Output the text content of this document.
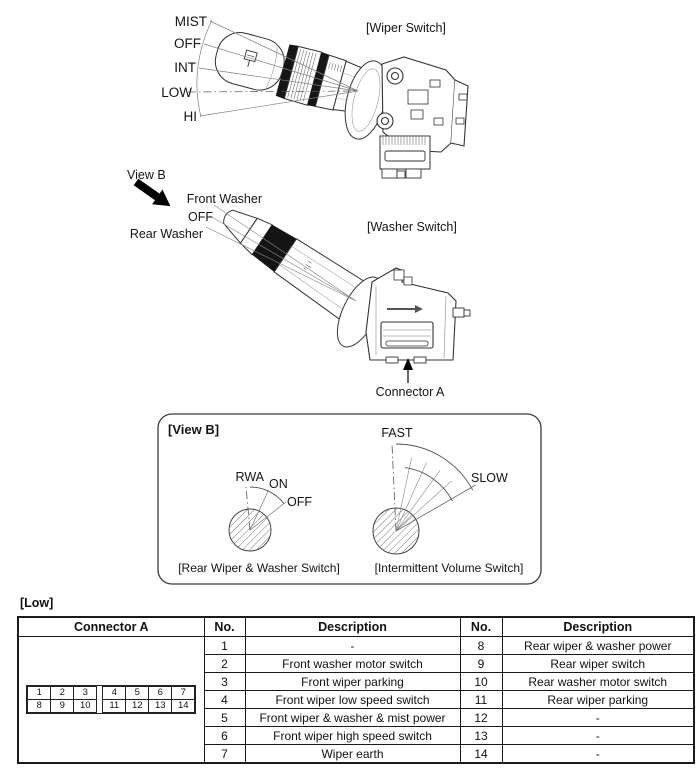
MIST
OFF
INT
LOW
HI
[Wiper Switch]
View B
Front Washer
OFF
Rear Washer	[Washer Switch]
Connector A
[View B]
RWA ON
OFF
[Rear Wiper & Washer Switch]
FAST
SLOW
[Intermittent Volume Switch]
[Low]
Connector A	No.	Description	No.	Description

1	2	3
8	9	10
4	5	6	7
11	12	13	14
	1	-	8	Rear wiper & washer power
2	Front washer motor switch	9	Rear wiper switch
3	Front wiper parking	10	Rear washer motor switch
4	Front wiper low speed switch	11	Rear wiper parking
5	Front wiper & washer & mist power	12	-
6	Front wiper high speed switch	13	-
7	Wiper earth	14	-
